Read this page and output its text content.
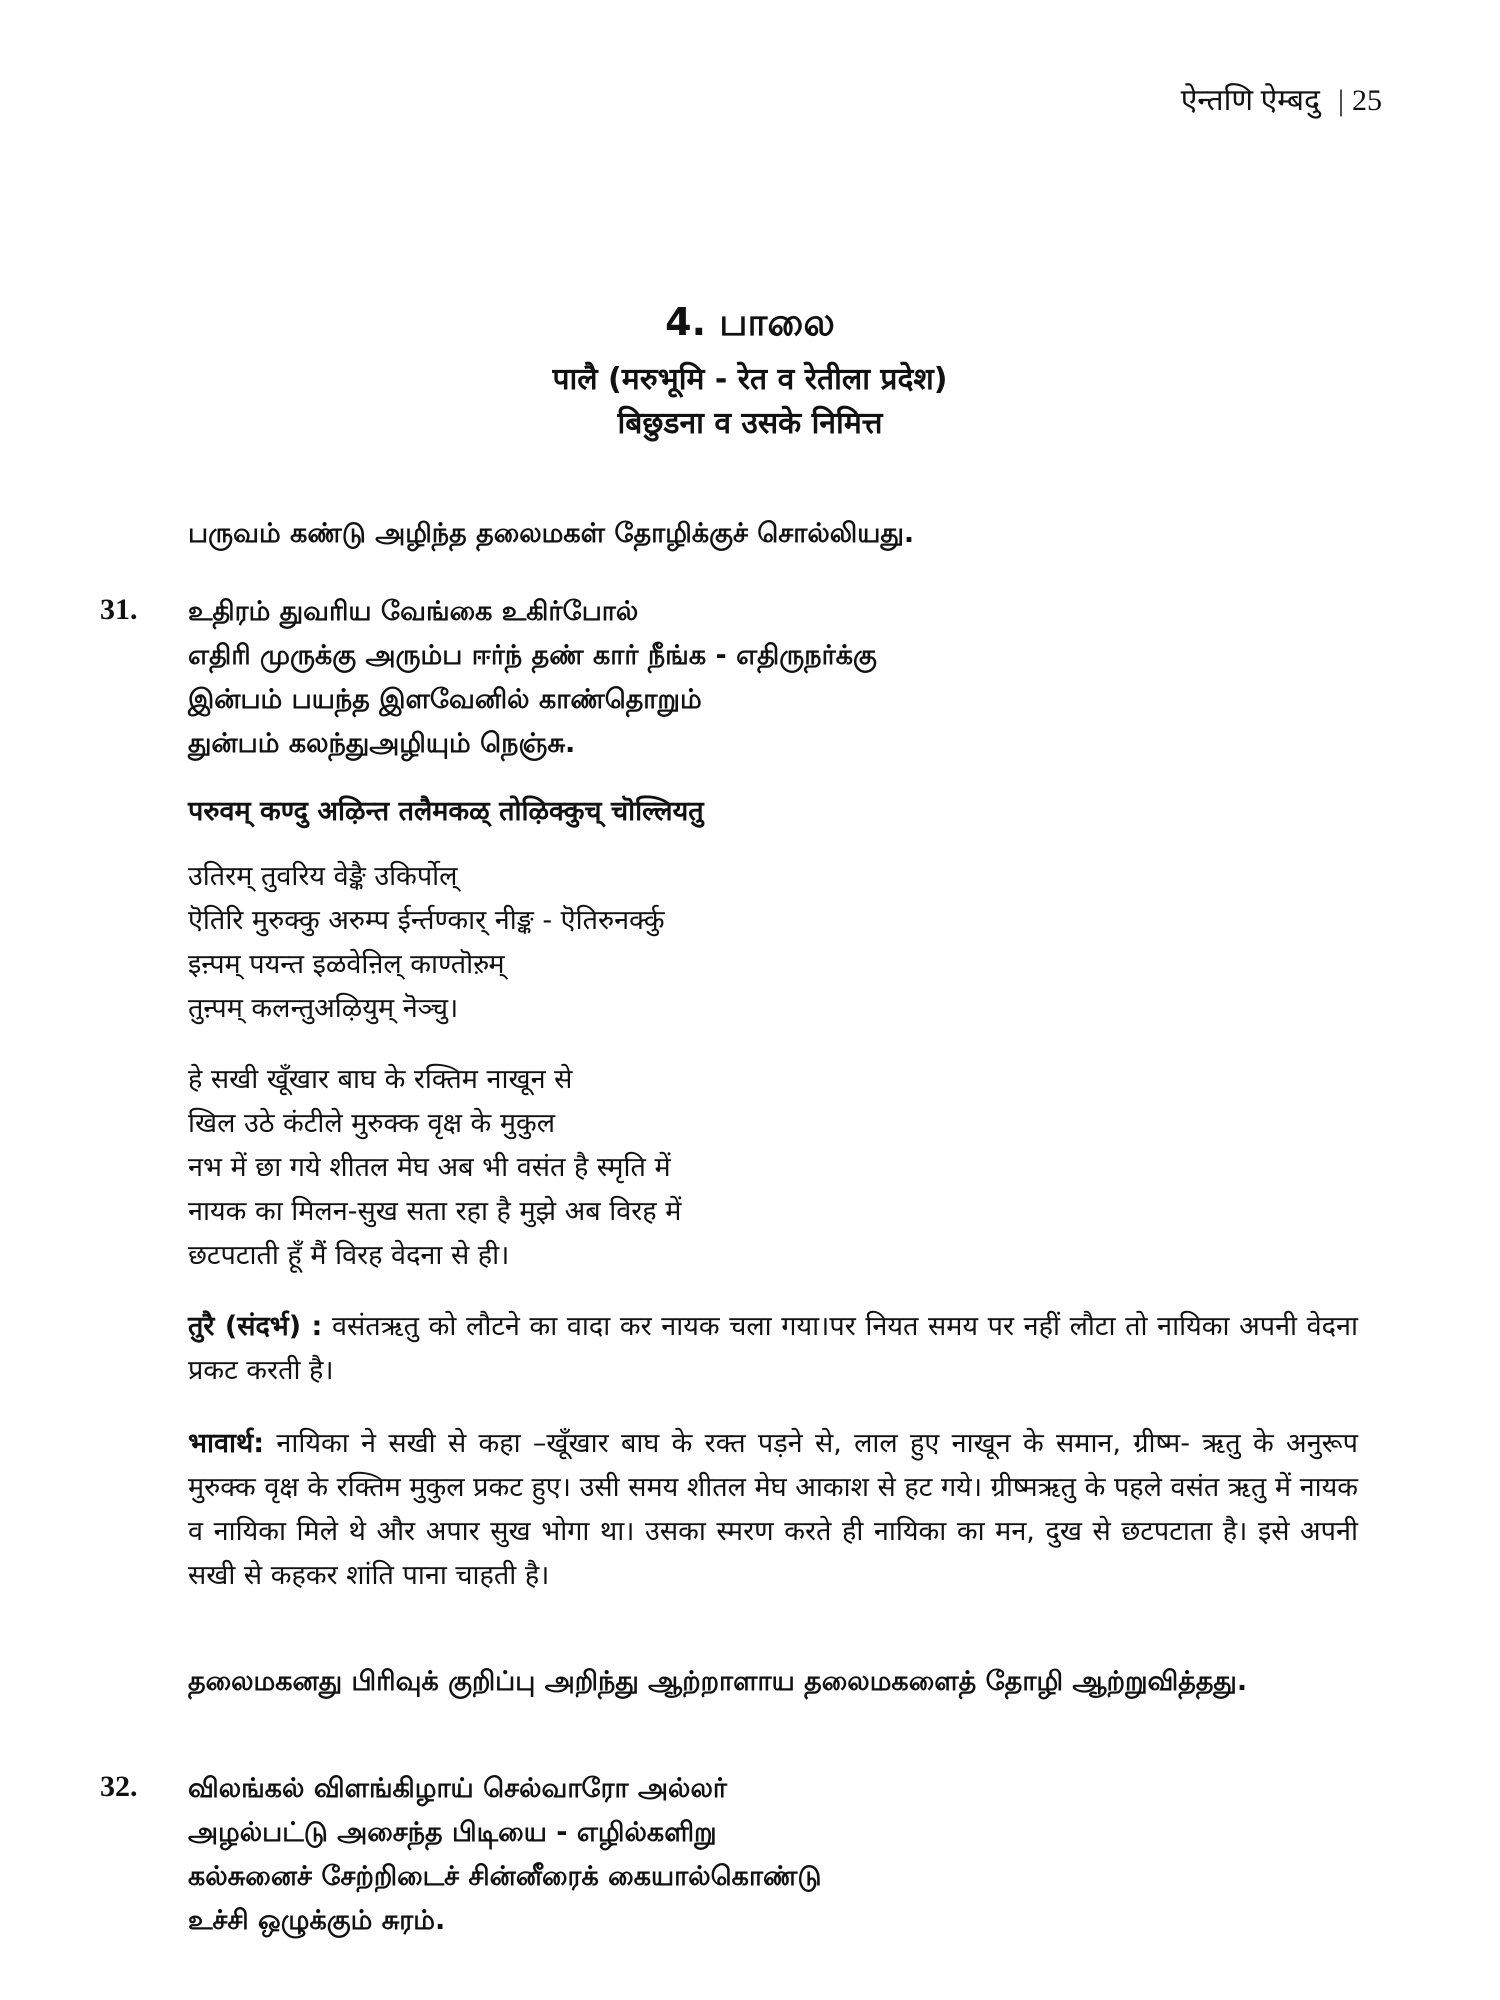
ऐन्तणि ऐम्बदु | 25
4. பாலை
पालै (मरुभूमि - रेत व रेतीला प्रदेश)
बिछुडना व उसके निमित्त
பருவம் கண்டு அழிந்த தலைமகள் தோழிக்குச் சொல்லியது.
31. உதிரம் துவரிய வேங்கை உகிர்போல்
எதிரி முருக்கு அரும்ப ஈர்ந் தண் கார் நீங்க - எதிருநர்க்கு
இன்பம் பயந்த இளவேனில் காண்தொறும்
துன்பம் கலந்துஅழியும் நெஞ்சு.
परुवम् कण्दु अऴिन्त तलैमकळ् तोऴिक्कुच् चॊल्लियतु
उतिरम् तुवरिय वेङ्कै उकिर्पोल्
ऎतिरि मुरुक्कु अरुम्प ईर्न्तण्कार् नीङ्क - ऎतिरुनर्क्कु
इऩ्पम् पयन्त इळवेऩिल् काण्तॊऱुम्
तुऩ्पम् कलन्तुअऴियुम् नॆञ्चु।
हे सखी खूँखार बाघ के रक्तिम नाखून से
खिल उठे कंटीले मुरुक्क वृक्ष के मुकुल
नभ में छा गये शीतल मेघ अब भी वसंत है स्मृति में
नायक का मिलन-सुख सता रहा है मुझे अब विरह में
छटपटाती हूँ मैं विरह वेदना से ही।
तुरै (संदर्भ) : वसंतऋतु को लौटने का वादा कर नायक चला गया।पर नियत समय पर नहीं लौटा तो नायिका अपनी वेदना प्रकट करती है।
भावार्थ: नायिका ने सखी से कहा –खूँखार बाघ के रक्त पड़ने से, लाल हुए नाखून के समान, ग्रीष्म- ऋतु के अनुरूप मुरुक्क वृक्ष के रक्तिम मुकुल प्रकट हुए। उसी समय शीतल मेघ आकाश से हट गये। ग्रीष्मऋतु के पहले वसंत ऋतु में नायक व नायिका मिले थे और अपार सुख भोगा था। उसका स्मरण करते ही नायिका का मन, दुख से छटपटाता है। इसे अपनी सखी से कहकर शांति पाना चाहती है।
தலைமகனது பிரிவுக் குறிப்பு அறிந்து ஆற்றாளாய தலைமகளைத் தோழி ஆற்றுவித்தது.
32. விலங்கல் விளங்கிழாய் செல்வாரோ அல்லர்
அழல்பட்டு அசைந்த பிடியை - எழில்களிறு
கல்சுனைச் சேற்றிடைச் சின்னீரைக் கையால்கொண்டு
உச்சி ஒழுக்கும் சுரம்.
